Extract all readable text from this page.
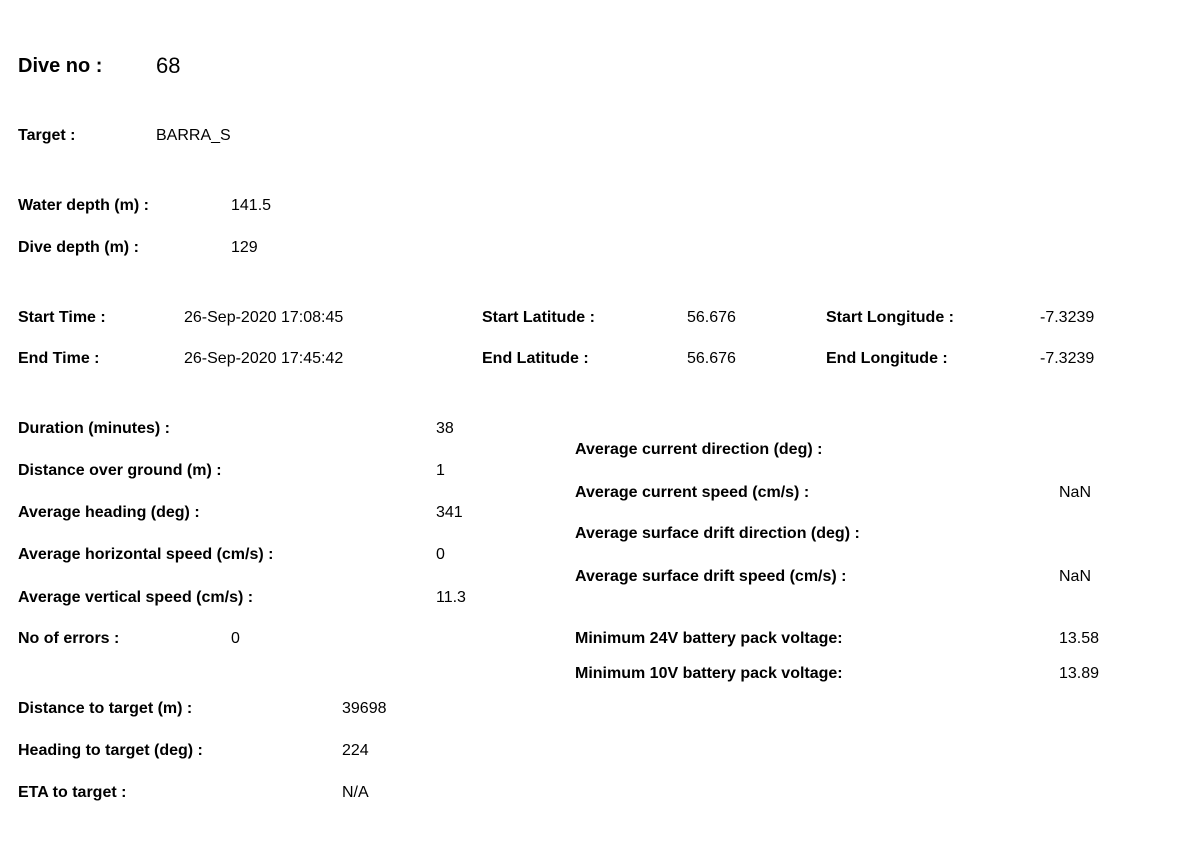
Dive no : 68
Target :	BARRA_S
Water depth (m) :	141.5
Dive depth (m) :	129
Start Time :	26-Sep-2020 17:08:45	Start Latitude :	56.676	Start Longitude :	-7.3239
End Time :	26-Sep-2020 17:45:42	End Latitude :	56.676	End Longitude :	-7.3239
Duration (minutes) :	38
Distance over ground (m) :	1
Average heading (deg) :	341
Average horizontal speed (cm/s) :	0
Average vertical speed (cm/s) :	11.3
No of errors :	0
Average current direction (deg) :
Average current speed (cm/s) :	NaN
Average surface drift direction (deg) :
Average surface drift speed (cm/s) :	NaN
Minimum 24V battery pack voltage:	13.58
Minimum 10V battery pack voltage:	13.89
Distance to target (m) :	39698
Heading to target (deg) :	224
ETA to target :	N/A
